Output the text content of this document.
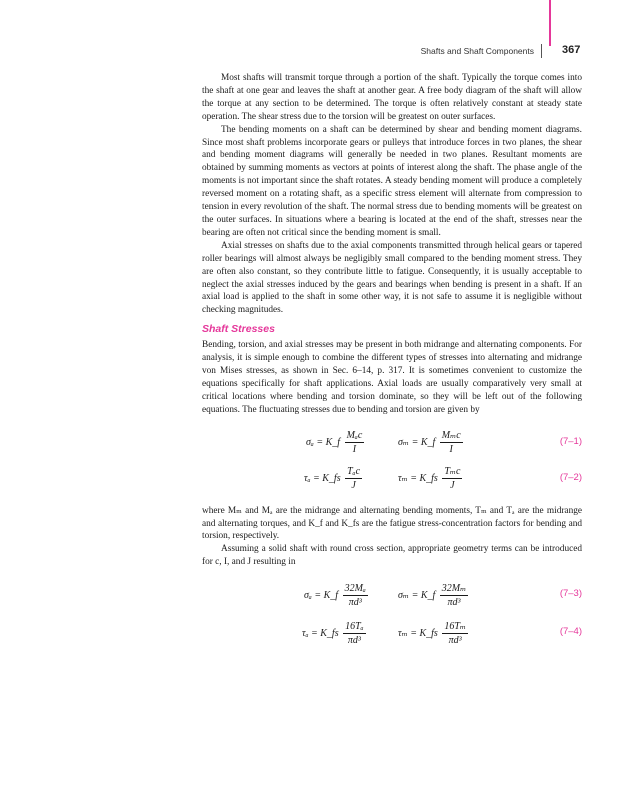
Shafts and Shaft Components	367

Most shafts will transmit torque through a portion of the shaft. Typically the torque comes into the shaft at one gear and leaves the shaft at another gear. A free body diagram of the shaft will allow the torque at any section to be determined. The torque is often relatively constant at steady state operation. The shear stress due to the torsion will be greatest on outer surfaces.

The bending moments on a shaft can be determined by shear and bending moment diagrams. Since most shaft problems incorporate gears or pulleys that introduce forces in two planes, the shear and bending moment diagrams will generally be needed in two planes. Resultant moments are obtained by summing moments as vectors at points of interest along the shaft. The phase angle of the moments is not important since the shaft rotates. A steady bending moment will produce a completely reversed moment on a rotating shaft, as a specific stress element will alternate from compression to tension in every revolution of the shaft. The normal stress due to bending moments will be greatest on the outer surfaces. In situations where a bearing is located at the end of the shaft, stresses near the bearing are often not critical since the bending moment is small.

Axial stresses on shafts due to the axial components transmitted through helical gears or tapered roller bearings will almost always be negligibly small compared to the bending moment stress. They are often also constant, so they contribute little to fatigue. Consequently, it is usually acceptable to neglect the axial stresses induced by the gears and bearings when bending is present in a shaft. If an axial load is applied to the shaft in some other way, it is not safe to assume it is negligible without checking magnitudes.

Shaft Stresses

Bending, torsion, and axial stresses may be present in both midrange and alternating components. For analysis, it is simple enough to combine the different types of stresses into alternating and midrange von Mises stresses, as shown in Sec. 6–14, p. 317. It is sometimes convenient to customize the equations specifically for shaft applications. Axial loads are usually comparatively very small at critical locations where bending and torsion dominate, so they will be left out of the following equations. The fluctuating stresses due to bending and torsion are given by

σₐ = K_f $\frac{\text{Mₐc}}{I}$	σₘ = K_f $\frac{\text{Mₘc}}{I}$	(7–1)
τₐ = K_fs $\frac{\text{Tₐc}}{J}$	τₘ = K_fs $\frac{\text{Tₘc}}{J}$	(7–2)

where Mₘ and Mₐ are the midrange and alternating bending moments, Tₘ and Tₐ are the midrange and alternating torques, and K_f and K_fs are the fatigue stress-concentration factors for bending and torsion, respectively.

Assuming a solid shaft with round cross section, appropriate geometry terms can be introduced for c, I, and J resulting in

σₐ = K_f $\frac{\text{32Mₐ}}{\text{πd³}}$	σₘ = K_f $\frac{\text{32Mₘ}}{\text{πd³}}$	(7–3)
τₐ = K_fs $\frac{\text{16Tₐ}}{\text{πd³}}$	τₘ = K_fs $\frac{\text{16Tₘ}}{\text{πd³}}$	(7–4)
